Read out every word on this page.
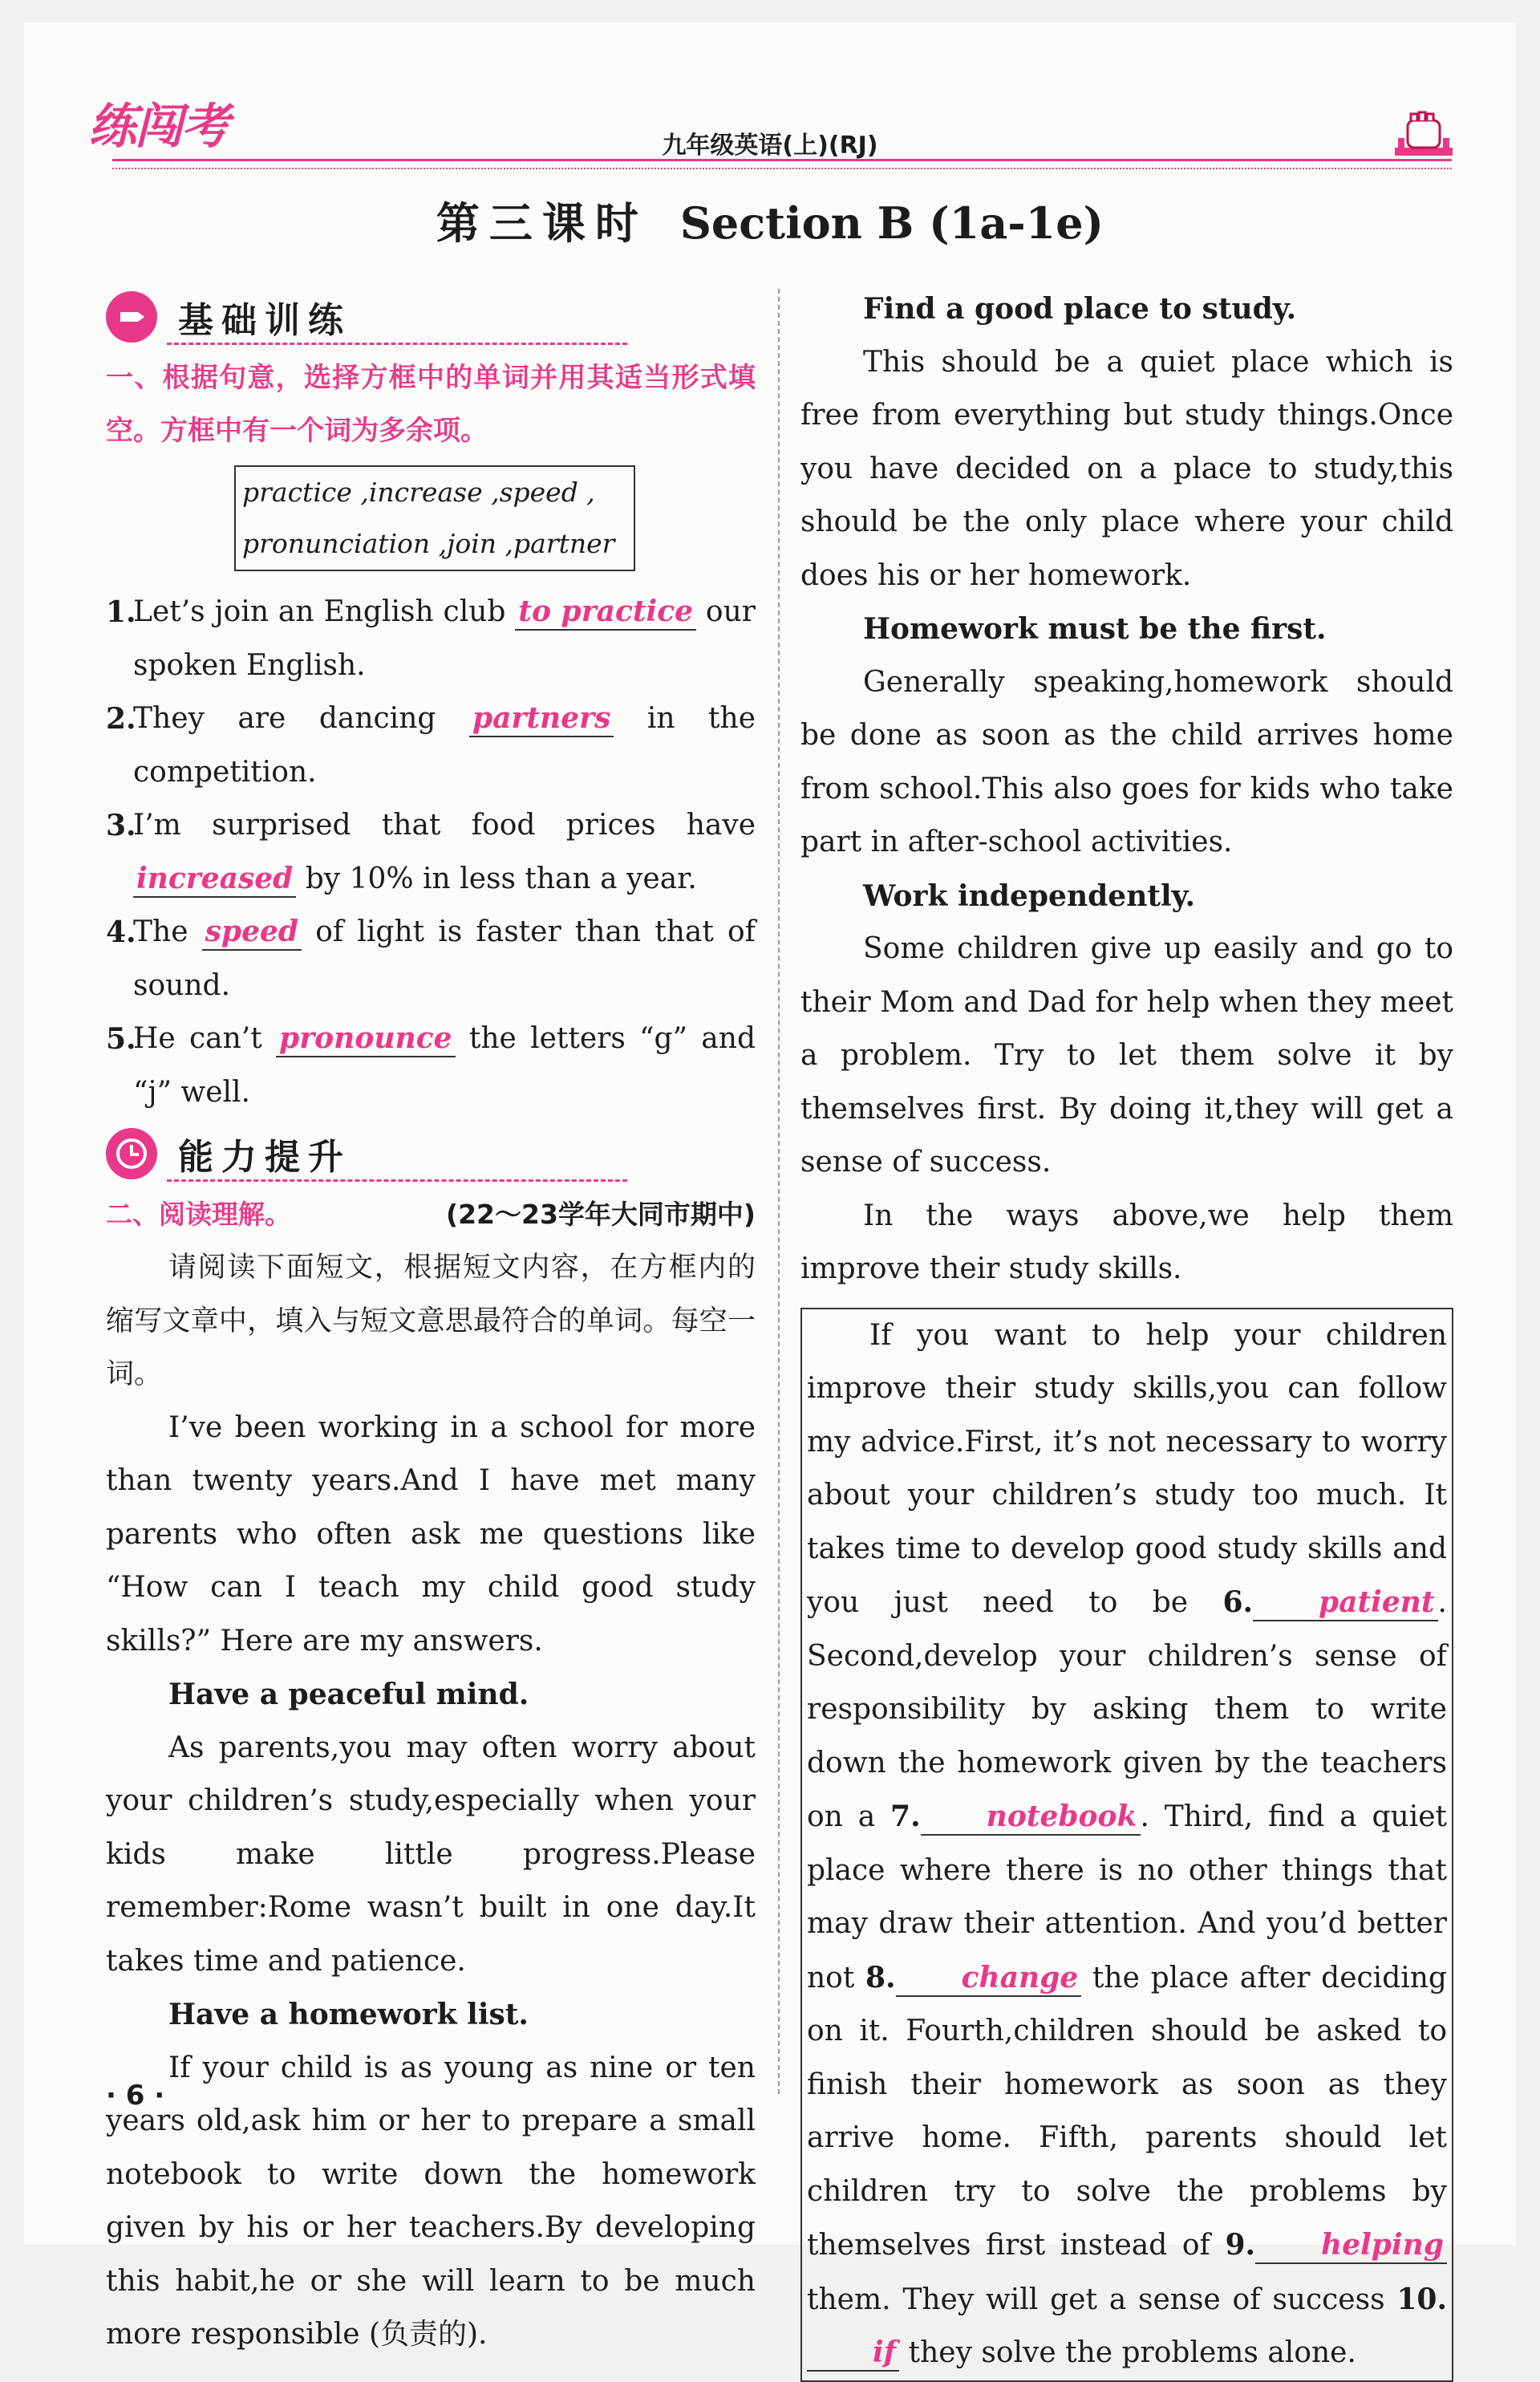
练闯考	九年级英语(上)(RJ)
第三课时 Section B (1a-1e)
基础训练
一、根据句意，选择方框中的单词并用其适当形式填空。方框中有一个词为多余项。
practice ,increase ,speed ,
pronunciation ,join ,partner

1.
Let’s join an English club to practice our spoken English.

2.
They are dancing partners in the competition.

3.
I’m surprised that food prices have increased by 10% in less than a year.

4.
The speed of light is faster than that of sound.

5.
He can’t pronounce the letters “g” and “j” well.

能力提升
二、阅读理解。	(22～23学年大同市期中)

请阅读下面短文，根据短文内容，在方框内的缩写文章中，填入与短文意思最符合的单词。每空一词。

I’ve been working in a school for more than twenty years.And I have met many parents who often ask me questions like “How can I teach my child good study skills?” Here are my answers.

Have a peaceful mind.

As parents,you may often worry about your children’s study,especially when your kids make little progress.Please remember:Rome wasn’t built in one day.It takes time and patience.

Have a homework list.

If your child is as young as nine or ten years old,ask him or her to prepare a small notebook to write down the homework given by his or her teachers.By developing this habit,he or she will learn to be much more responsible (负责的).

Find a good place to study.

This should be a quiet place which is free from everything but study things.Once you have decided on a place to study,this should be the only place where your child does his or her homework.

Homework must be the first.

Generally speaking,homework should be done as soon as the child arrives home from school.This also goes for kids who take part in after-school activities.

Work independently.

Some children give up easily and go to their Mom and Dad for help when they meet a problem. Try to let them solve it by themselves first. By doing it,they will get a sense of success.

In the ways above,we help them improve their study skills.

If you want to help your children improve their study skills,you can follow my advice.First, it’s not necessary to worry about your children’s study too much. It takes time to develop good study skills and you just need to be 6. patient . Second,develop your children’s sense of responsibility by asking them to write down the homework given by the teachers on a 7. notebook . Third, find a quiet place where there is no other things that may draw their attention. And you’d better not 8. change the place after deciding on it. Fourth,children should be asked to finish their homework as soon as they arrive home. Fifth, parents should let children try to solve the problems by themselves first instead of 9. helping them. They will get a sense of success 10.if they solve the problems alone.

· 6 ·
